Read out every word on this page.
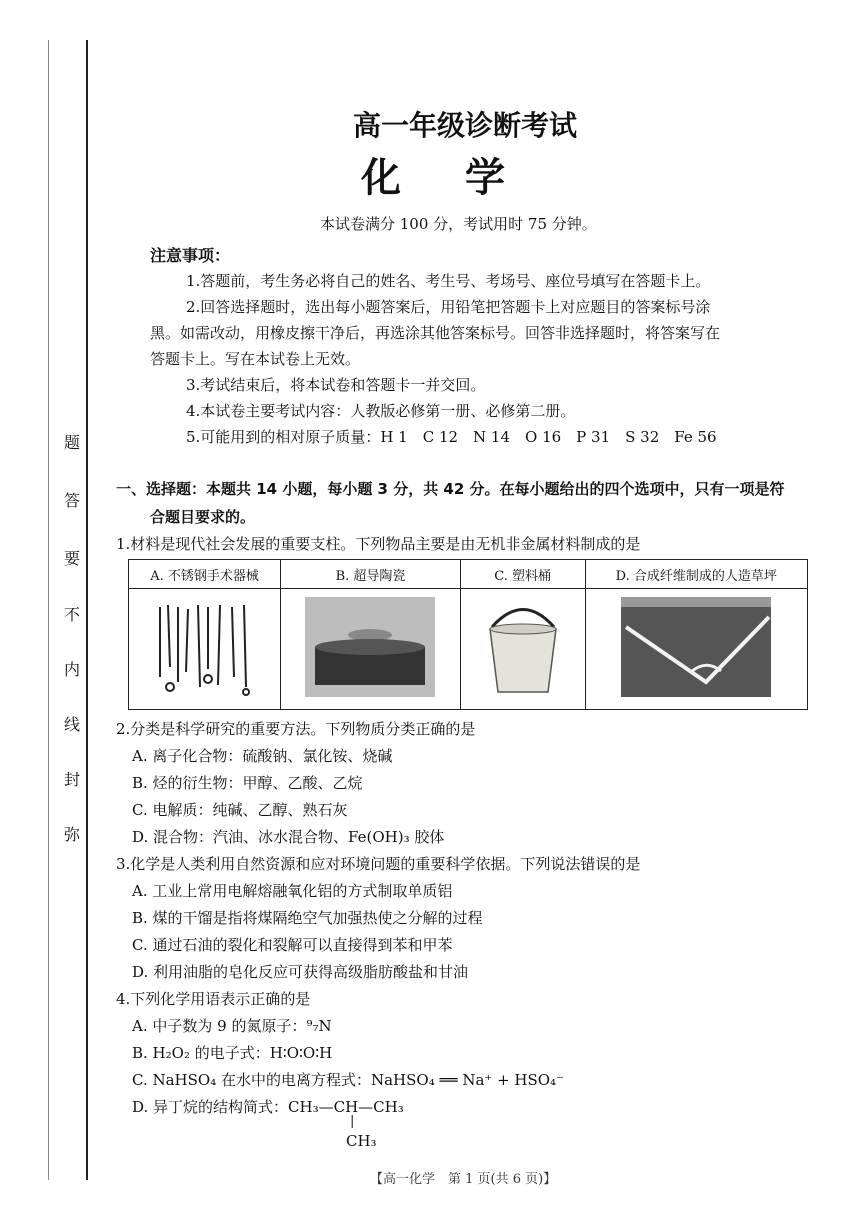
题
答
要
不
内
线
封
弥
高一年级诊断考试
化学
本试卷满分 100 分，考试用时 75 分钟。
注意事项：
1.答题前，考生务必将自己的姓名、考生号、考场号、座位号填写在答题卡上。
2.回答选择题时，选出每小题答案后，用铅笔把答题卡上对应题目的答案标号涂
黑。如需改动，用橡皮擦干净后，再选涂其他答案标号。回答非选择题时，将答案写在
答题卡上。写在本试卷上无效。
3.考试结束后，将本试卷和答题卡一并交回。
4.本试卷主要考试内容：人教版必修第一册、必修第二册。
5.可能用到的相对原子质量：H 1　C 12　N 14　O 16　P 31　S 32　Fe 56
一、选择题：本题共 14 小题，每小题 3 分，共 42 分。在每小题给出的四个选项中，只有一项是符
合题目要求的。
1.材料是现代社会发展的重要支柱。下列物品主要是由无机非金属材料制成的是
A. 不锈钢手术器械	B. 超导陶瓷	C. 塑料桶	D. 合成纤维制成的人造草坪

2.分类是科学研究的重要方法。下列物质分类正确的是
A. 离子化合物：硫酸钠、氯化铵、烧碱
B. 烃的衍生物：甲醇、乙酸、乙烷
C. 电解质：纯碱、乙醇、熟石灰
D. 混合物：汽油、冰水混合物、Fe(OH)₃ 胶体
3.化学是人类利用自然资源和应对环境问题的重要科学依据。下列说法错误的是
A. 工业上常用电解熔融氧化铝的方式制取单质铝
B. 煤的干馏是指将煤隔绝空气加强热使之分解的过程
C. 通过石油的裂化和裂解可以直接得到苯和甲苯
D. 利用油脂的皂化反应可获得高级脂肪酸盐和甘油
4.下列化学用语表示正确的是
A. 中子数为 9 的氮原子：⁹₇N
B. H₂O₂ 的电子式：H∶O∶O∶H
C. NaHSO₄ 在水中的电离方程式：NaHSO₄ ══ Na⁺ + HSO₄⁻
D. 异丁烷的结构简式：CH₃—CH—CH₃
|
CH₃
【高一化学　第 1 页(共 6 页)】
